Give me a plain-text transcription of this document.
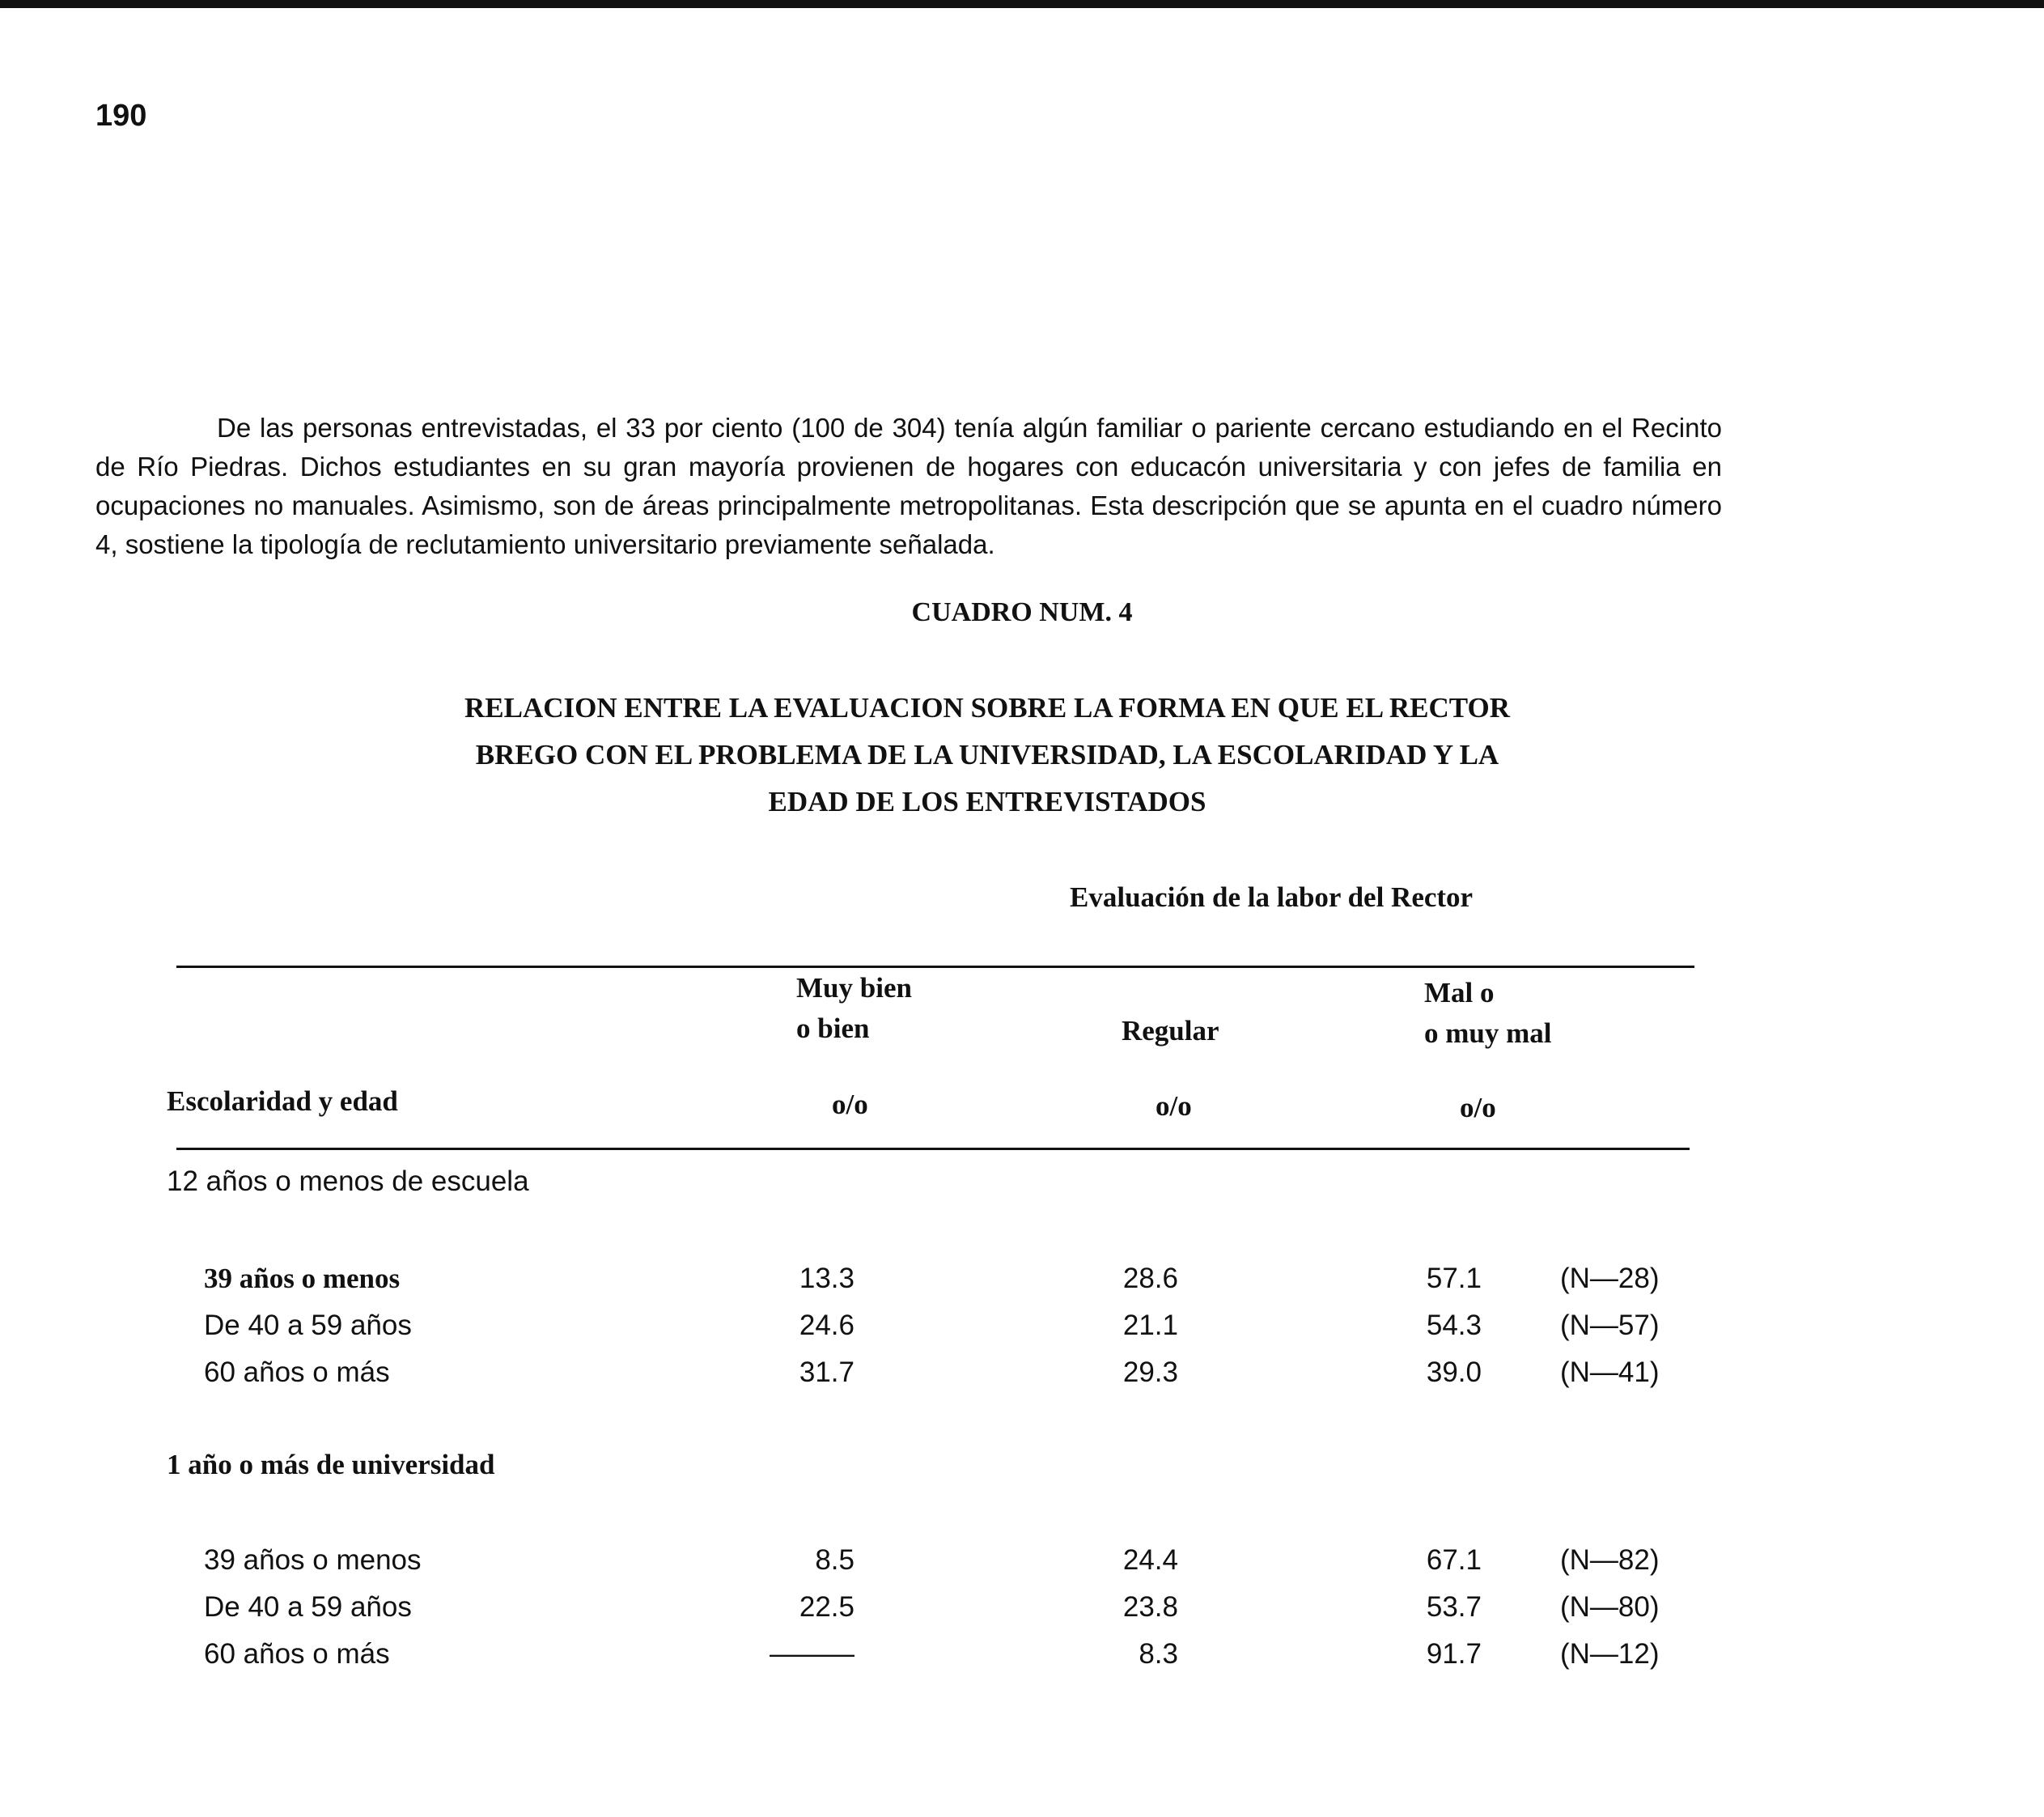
190

De las personas entrevistadas, el 33 por ciento (100 de 304) tenía algún familiar o pariente cercano estudiando en el Recinto de Río Piedras. Dichos estudiantes en su gran mayoría provienen de hogares con educacón universitaria y con jefes de familia en ocupaciones no manuales. Asimismo, son de áreas principalmente metropolitanas. Esta descripción que se apunta en el cuadro número 4, sostiene la tipología de reclutamiento universitario previamente señalada.

CUADRO NUM. 4
RELACION ENTRE LA EVALUACION SOBRE LA FORMA EN QUE EL RECTOR
BREGO CON EL PROBLEMA DE LA UNIVERSIDAD, LA ESCOLARIDAD Y LA
EDAD DE LOS ENTREVISTADOS
Evaluación de la labor del Rector
Muy bien
o bien	Regular
Mal o
o muy mal
Escolaridad y edad	o/o	o/o	o/o
12 años o menos de escuela
39 años o menos	13.3	28.6	57.1	(N—28)
De 40 a 59 años	24.6	21.1	54.3	(N—57)
60 años o más	31.7	29.3	39.0	(N—41)
1 año o más de universidad
39 años o menos	8.5	24.4	67.1	(N—82)
De 40 a 59 años	22.5	23.8	53.7	(N—80)
60 años o más	———	8.3	91.7	(N—12)
